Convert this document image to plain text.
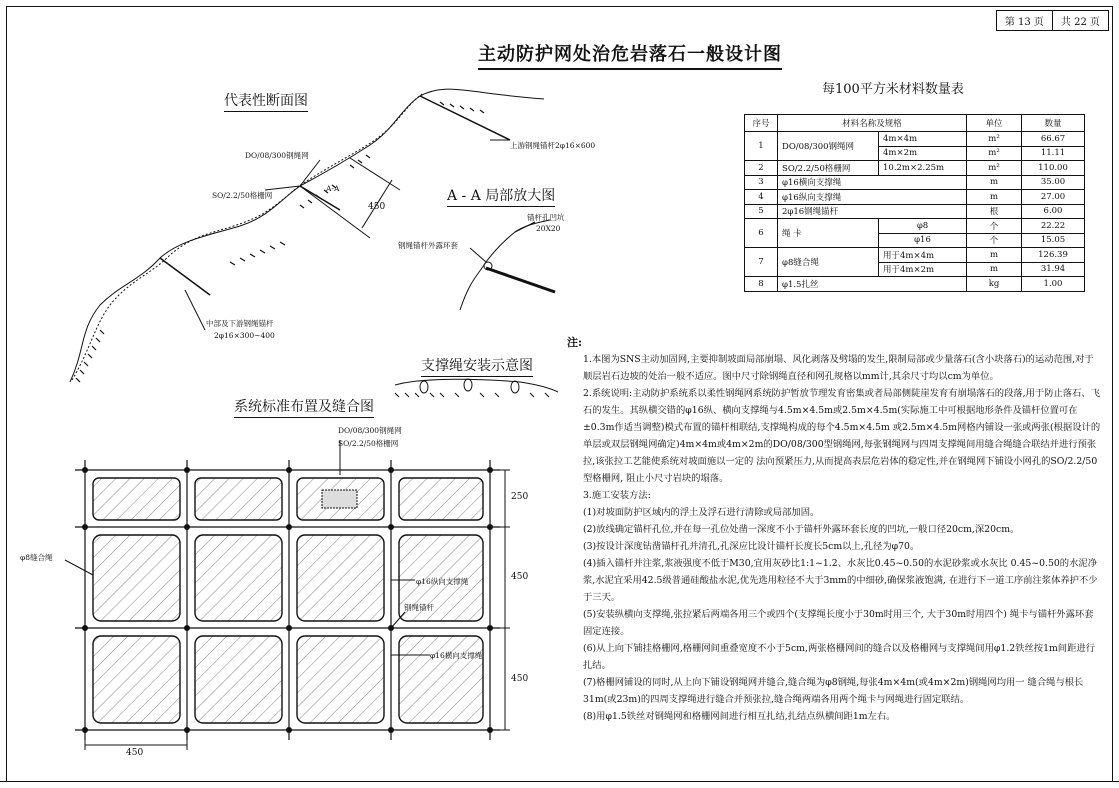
第 13 页	共 22 页
主动防护网处治危岩落石一般设计图
代表性断面图
A - A 局部放大图
支撑绳安装示意图
系统标准布置及缝合图
上游钢绳锚杆2φ16×600
DO/08/300钢绳网
SO/2.2/50格栅网
A-A
450
中部及下游钢绳锚杆
2φ16×300~400
锚杆孔凹坑
20X20
钢绳锚杆外露环套
DO/08/300钢绳网
SO/2.2/50格栅网
φ8缝合绳
φ16纵向支撑绳
钢绳锚杆
φ16横向支撑绳
250
450
450
450
每100平方米材料数量表
序号	材料名称及规格		单位	数量
1	DO/08/300钢绳网	4m×4m	m²	66.67
		4m×2m	m²	11.11
2	SO/2.2/50格栅网	10.2m×2.25m	m²	110.00
3	φ16横向支撑绳		m	35.00
4	φ16纵向支撑绳		m	27.00
5	2φ16钢绳锚杆		根	6.00
6	绳 卡	φ8	个	22.22
		φ16	个	15.05
7	φ8缝合绳	用于4m×4m	m	126.39
		用于4m×2m	m	31.94
8	φ1.5扎丝		kg	1.00

注:

1.本图为SNS主动加固网,主要抑制坡面局部崩塌、风化剥落及劈塌的发生,限制局部或少量落石(含小块落石)的运动范围,对于顺层岩石边坡的处治一般不适应。图中尺寸除钢绳直径和网孔规格以mm计,其余尺寸均以cm为单位。

2.系统说明:主动防护系统系以柔性钢绳网系统防护暂放节理发育密集或者局部侧陡崖发育有崩塌落石的段落,用于防止落石、飞石的发生。其纵横交错的φ16纵、横向支撑绳与4.5m×4.5m或2.5m×4.5m(实际施工中可根据地形条件及锚杆位置可在±0.3m作适当调整)模式布置的锚杆相联结,支撑绳构成的每个4.5m×4.5m 或2.5m×4.5m网格内铺设一张或两张(根据设计的单层或双层钢绳网确定)4m×4m或4m×2m的DO/08/300型钢绳网,每张钢绳网与四周支撑绳间用缝合绳缝合联结并进行预张拉,该张拉工艺能使系统对坡面施以一定的 法向预紧压力,从而提高表层危岩体的稳定性,并在钢绳网下铺设小网孔的SO/2.2/50型格栅网, 阻止小尺寸岩块的塌落。

3.施工安装方法:

(1)对坡面防护区域内的浮土及浮石进行清除或局部加固。

(2)放线确定锚杆孔位,并在每一孔位处凿一深度不小于锚杆外露环套长度的凹坑,一般口径20cm,深20cm。

(3)按设计深度钻凿锚杆孔并清孔,孔深应比设计锚杆长度长5cm以上,孔径为φ70。

(4)插入锚杆并注浆,浆液强度不低于M30,宜用灰砂比1:1~1.2、水灰比0.45~0.50的水泥砂浆或水灰比 0.45~0.50的水泥净浆,水泥宜采用42.5级普通硅酸盐水泥,优先选用粒径不大于3mm的中细砂,确保浆液饱满, 在进行下一道工序前注浆体养护不少于三天。

(5)安装纵横向支撑绳,张拉紧后两端各用三个或四个(支撑绳长度小于30m时用三个, 大于30m时用四个) 绳卡与锚杆外露环套固定连接。

(6)从上向下铺挂格栅网,格栅网间重叠宽度不小于5cm,两张格栅网间的缝合以及格栅网与支撑绳间用φ1.2铁丝按1m间距进行扎结。

(7)格栅网铺设的同时,从上向下铺设钢绳网并缝合,缝合绳为φ8钢绳,每张4m×4m(或4m×2m)钢绳网均用一 缝合绳与根长31m(或23m)的四周支撑绳进行缝合并预张拉,缝合绳两端各用两个绳卡与网绳进行固定联结。

(8)用φ1.5铁丝对钢绳网和格栅网间进行相互扎结,扎结点纵横间距1m左右。
